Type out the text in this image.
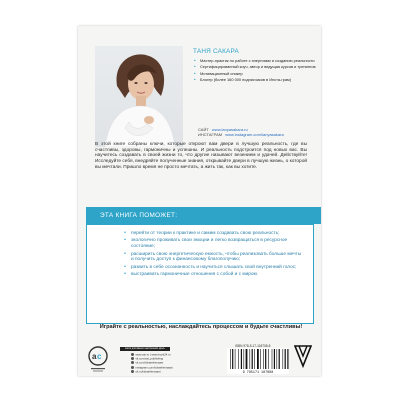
ТАНЯ САКАРА
• Мастер-практик по работе с энергиями и созданию реальности
• Сертифицированный коуч, автор и ведущая курсов и тренингов
• Мотивационный спикер
• Блогер (более 160 000 подписчиков в Инста-грам)
САЙТ www.lanyasakara.ru
ИНСТАГРАМ www.instagram.com/lanyasakara
В этой книге собраны ключи, которые откроют вам двери в лучшую реальность, где вы счастливы, здоровы, гармоничны и успешны. И реальность подстроится под новых вас. Вы научитесь создавать в своей жизни то, что другие называют везением и удачей. Действуйте! Исследуйте себя, внедряйте полученные знания, открывайте двери в лучшую жизнь, о которой вы мечтали. Пришло время не просто мечтать, а жить так, как вы хотите.
ЭТА КНИГА ПОМОЖЕТ:
• перейти от теории к практике и самим создавать свою реальность;
• экологично проживать свои эмоции и легко возвращаться в ресурсное состояние;
• расширить свою энергетическую емкость, чтобы реализовать больше мечты и получить доступ к финансовому благополучию;
• развить в себе осознанность и научиться слышать свой внутренний голос;
• выстраивать гармоничные отношения с собой и с миром.
Играйте с реальностью, наслаждайтесь процессом и будьте счастливы!
a c
книги для вашего настроения здесь
www.ast.ru | www.book24.ru
vk.com/ast_publishing
vk.com/lubatelesnaast
instagram.com/lubatelesnaast
ok.ru/lubatelesnaast
ISBN 978-5-17-118708-8
9 785171 187088
